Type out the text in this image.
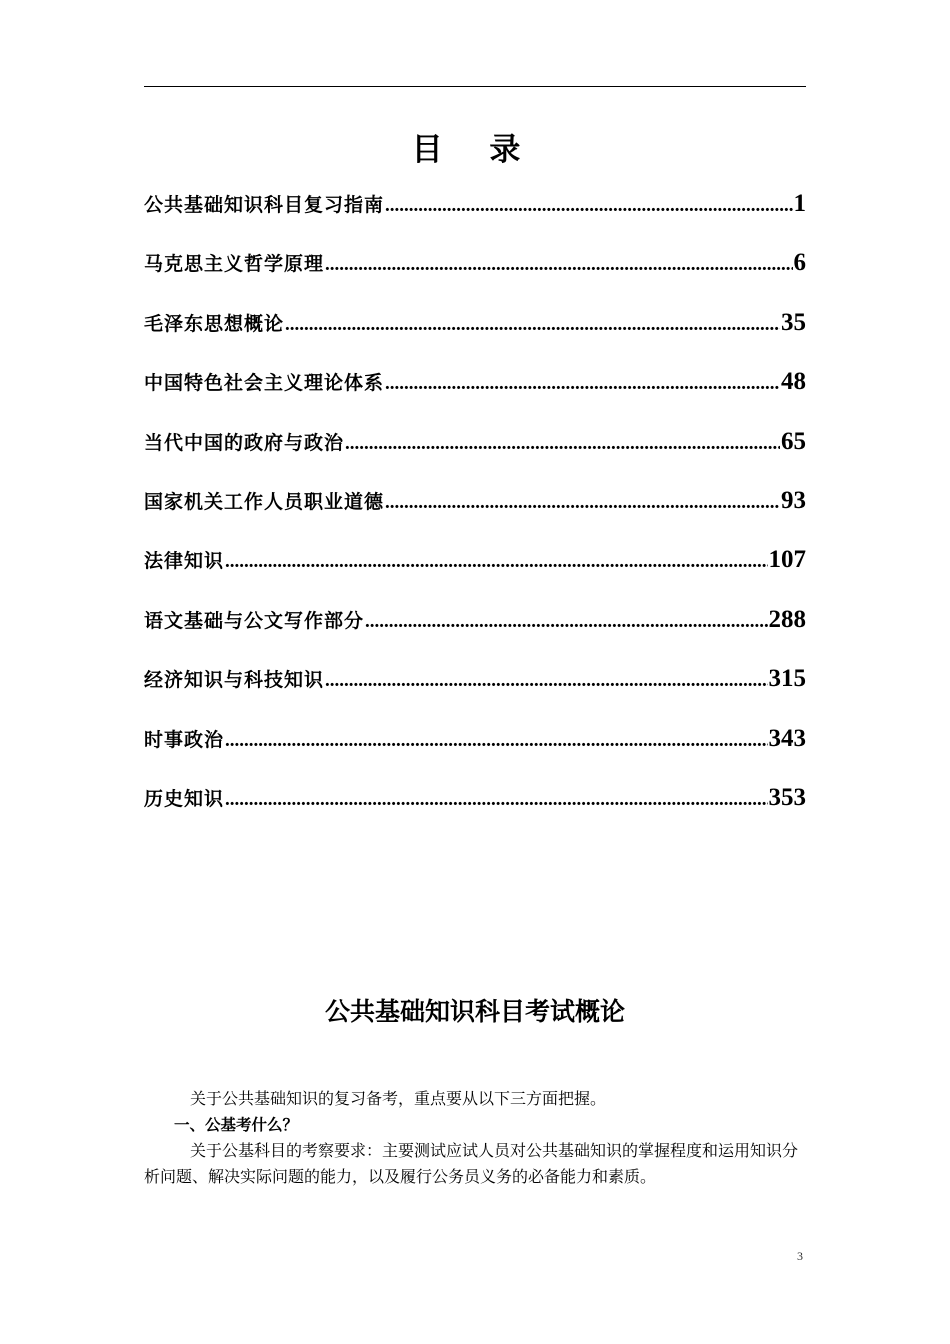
目 录
公共基础知识科目复习指南 .....	1
马克思主义哲学原理 .....	6
毛泽东思想概论 .....	35
中国特色社会主义理论体系 .....	48
当代中国的政府与政治 .....	65
国家机关工作人员职业道德 .....	93
法律知识 .....	107
语文基础与公文写作部分 .....	288
经济知识与科技知识 .....	315
时事政治 .....	343
历史知识 .....	353
公共基础知识科目考试概论

关于公共基础知识的复习备考，重点要从以下三方面把握。

一、公基考什么？

关于公基科目的考察要求：主要测试应试人员对公共基础知识的掌握程度和运用知识分析问题、解决实际问题的能力，以及履行公务员义务的必备能力和素质。

3
